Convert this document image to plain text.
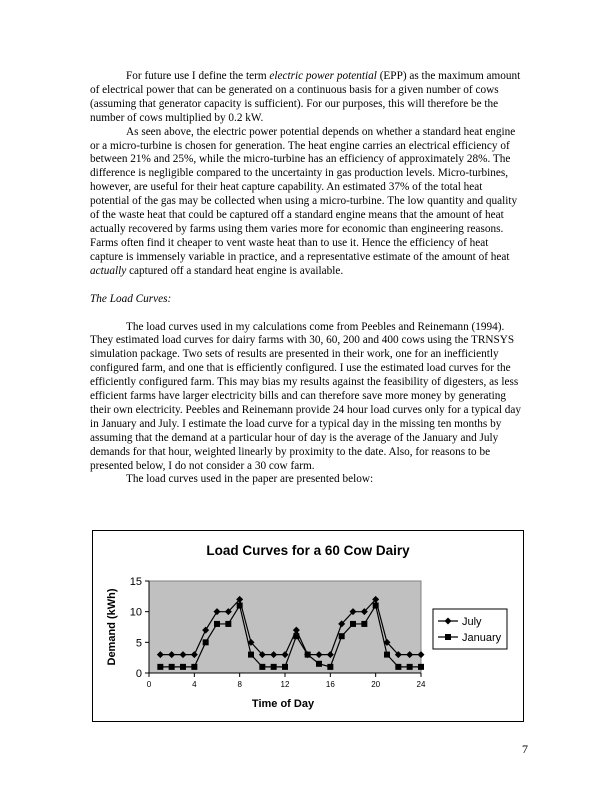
For future use I define the term electric power potential (EPP) as the maximum amount of electrical power that can be generated on a continuous basis for a given number of cows (assuming that generator capacity is sufficient). For our purposes, this will therefore be the number of cows multiplied by 0.2 kW.

As seen above, the electric power potential depends on whether a standard heat engine or a micro-turbine is chosen for generation. The heat engine carries an electrical efficiency of between 21% and 25%, while the micro-turbine has an efficiency of approximately 28%. The difference is negligible compared to the uncertainty in gas production levels. Micro-turbines, however, are useful for their heat capture capability. An estimated 37% of the total heat potential of the gas may be collected when using a micro-turbine. The low quantity and quality of the waste heat that could be captured off a standard engine means that the amount of heat actually recovered by farms using them varies more for economic than engineering reasons. Farms often find it cheaper to vent waste heat than to use it. Hence the efficiency of heat capture is immensely variable in practice, and a representative estimate of the amount of heat actually captured off a standard heat engine is available.

The Load Curves:

The load curves used in my calculations come from Peebles and Reinemann (1994). They estimated load curves for dairy farms with 30, 60, 200 and 400 cows using the TRNSYS simulation package. Two sets of results are presented in their work, one for an inefficiently configured farm, and one that is efficiently configured. I use the estimated load curves for the efficiently configured farm. This may bias my results against the feasibility of digesters, as less efficient farms have larger electricity bills and can therefore save more money by generating their own electricity. Peebles and Reinemann provide 24 hour load curves only for a typical day in January and July. I estimate the load curve for a typical day in the missing ten months by assuming that the demand at a particular hour of day is the average of the January and July demands for that hour, weighted linearly by proximity to the date. Also, for reasons to be presented below, I do not consider a 30 cow farm.

The load curves used in the paper are presented below:

Load Curves for a 60 Cow Dairy
0
5
10
15
0	4	8	12	16	20	24
Time of Day
Demand (kWh)	July
January
7
